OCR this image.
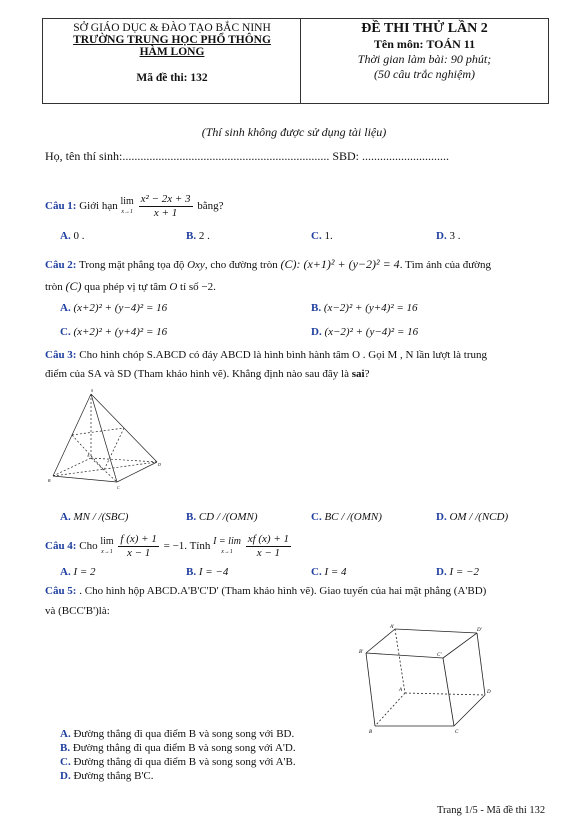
SỞ GIÁO DỤC & ĐÀO TẠO BẮC NINH
TRƯỜNG TRUNG HỌC PHỔ THÔNG
HÀM LONG
Mã đề thi: 132
ĐỀ THI THỬ LẦN 2
Tên môn: TOÁN 11
Thời gian làm bài: 90 phút;
(50 câu trắc nghiệm)
(Thí sinh không được sử dụng tài liệu)
Họ, tên thí sinh:..................................................................... SBD: .............................
Câu 1: Giới hạn lim
x→1
$\frac{\text{x² − 2x + 3}}{x + 1}$ bằng?
A. 0 .	B. 2 .	C. 1.	D. 3 .
Câu 2: Trong mặt phẳng tọa độ Oxy, cho đường tròn (C): (x+1)² + (y−2)² = 4. Tìm ảnh của đường
tròn (C) qua phép vị tự tâm O tỉ số −2.
A. (x+2)² + (y−4)² = 16	B. (x−2)² + (y+4)² = 16
C. (x+2)² + (y+4)² = 16	D. (x−2)² + (y−4)² = 16
Câu 3: Cho hình chóp S.ABCD có đáy ABCD là hình bình hành tâm O . Gọi M , N lần lượt là trung
điểm của SA và SD (Tham khảo hình vẽ). Khẳng định nào sau đây là sai?
S
B
C
D
A
A. MN / /(SBC)	B. CD / /(OMN)	C. BC / /(OMN)	D. OM / /(NCD)
Câu 4: Cho lim
x→1
$\frac{f (x) + 1}{x - 1} = -1$. Tính I = lim
x→1
	$\frac{xf (x) + 1}{x - 1}$
A. I = 2	B. I = −4	C. I = 4	D. I = −2
Câu 5: . Cho hình hộp ABCD.A'B'C'D' (Tham khảo hình vẽ). Giao tuyến của hai mặt phẳng (A'BD)
và (BCC'B')là:
A'
D'
B'
C'
A	D
B	C
A. Đường thẳng đi qua điểm B và song song với BD.
B. Đường thẳng đi qua điểm B và song song với A'D.
C. Đường thẳng đi qua điểm B và song song với A'B.
D. Đường thẳng B'C.
Trang 1/5 - Mã đề thi 132
